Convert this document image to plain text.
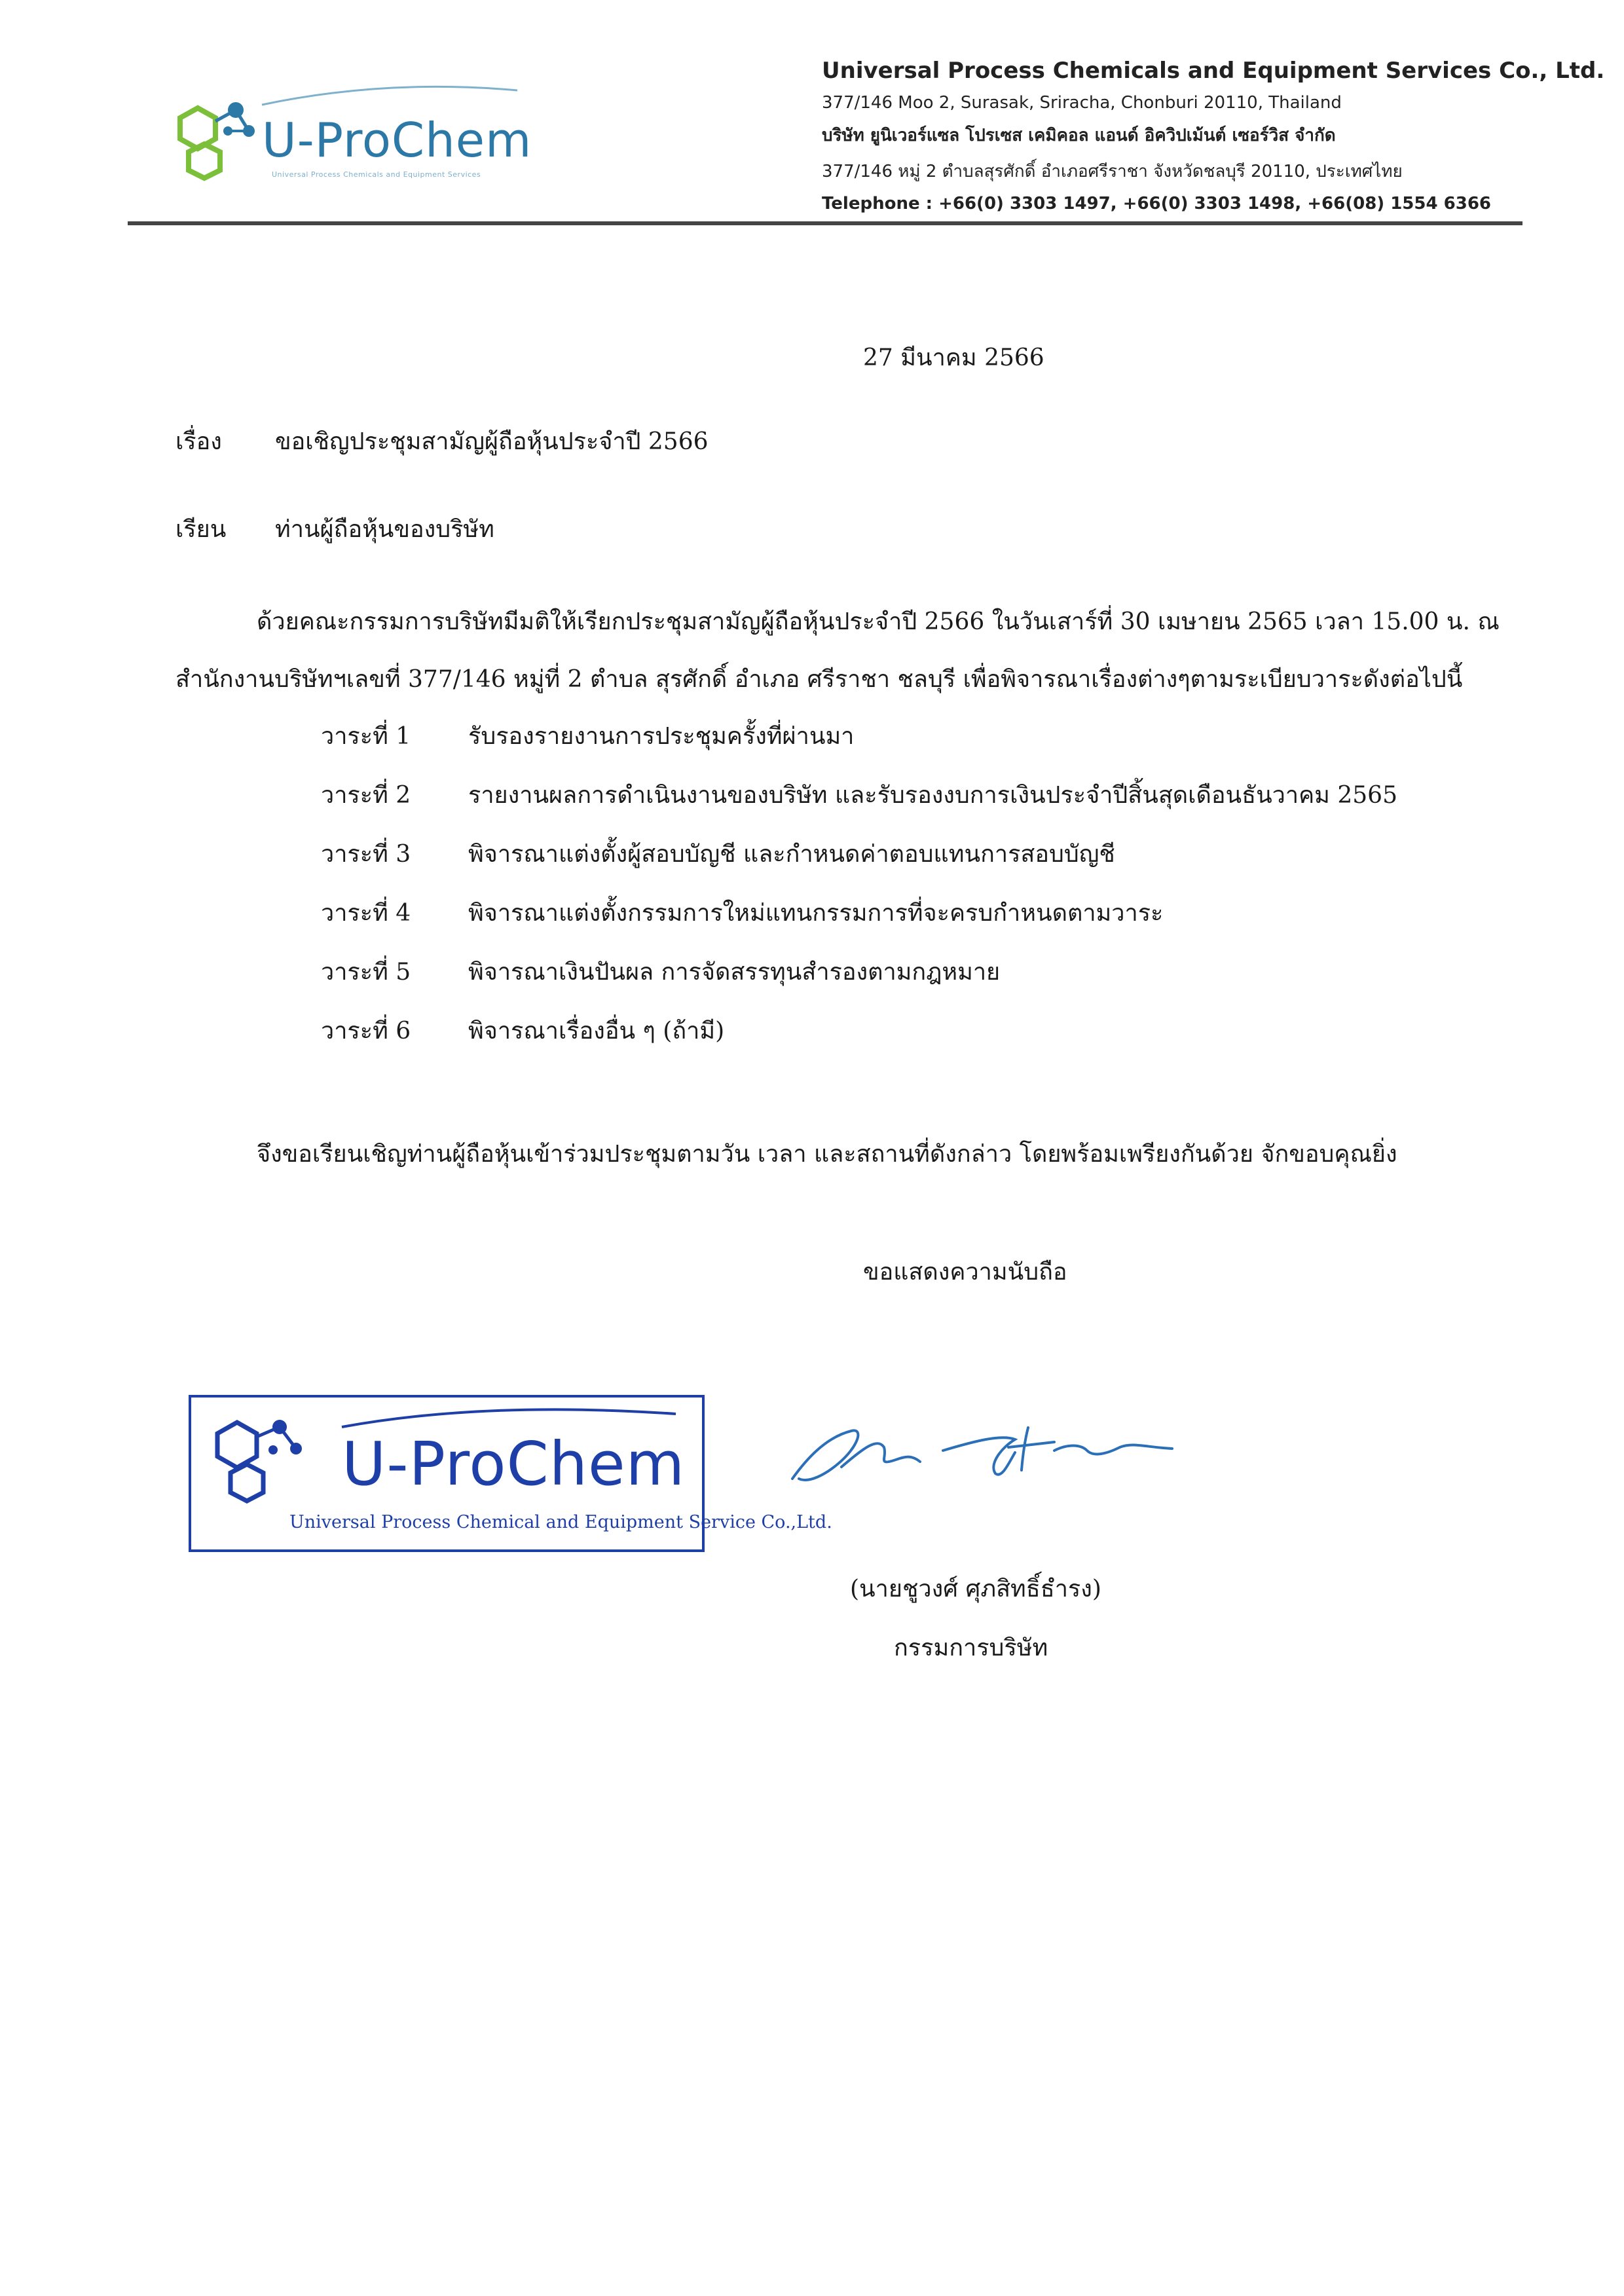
U-ProChem
Universal Process Chemicals and Equipment Services
Universal Process Chemicals and Equipment Services Co., Ltd.
377/146 Moo 2, Surasak, Sriracha, Chonburi 20110, Thailand
บริษัท ยูนิเวอร์แซล โปรเซส เคมิคอล แอนด์ อิควิปเม้นต์ เซอร์วิส จำกัด
377/146 หมู่ 2 ตำบลสุรศักดิ์ อำเภอศรีราชา จังหวัดชลบุรี 20110, ประเทศไทย
Telephone : +66(0) 3303 1497, +66(0) 3303 1498, +66(08) 1554 6366
27 มีนาคม 2566
เรื่อง ขอเชิญประชุมสามัญผู้ถือหุ้นประจำปี 2566
เรียน ท่านผู้ถือหุ้นของบริษัท
ด้วยคณะกรรมการบริษัทมีมติให้เรียกประชุมสามัญผู้ถือหุ้นประจำปี 2566 ในวันเสาร์ที่ 30 เมษายน 2565 เวลา 15.00 น. ณ
สำนักงานบริษัทฯเลขที่ 377/146 หมู่ที่ 2 ตำบล สุรศักดิ์ อำเภอ ศรีราชา ชลบุรี เพื่อพิจารณาเรื่องต่างๆตามระเบียบวาระดังต่อไปนี้
วาระที่ 1 รับรองรายงานการประชุมครั้งที่ผ่านมา
วาระที่ 2 รายงานผลการดำเนินงานของบริษัท และรับรองงบการเงินประจำปีสิ้นสุดเดือนธันวาคม 2565
วาระที่ 3 พิจารณาแต่งตั้งผู้สอบบัญชี และกำหนดค่าตอบแทนการสอบบัญชี
วาระที่ 4 พิจารณาแต่งตั้งกรรมการใหม่แทนกรรมการที่จะครบกำหนดตามวาระ
วาระที่ 5 พิจารณาเงินปันผล การจัดสรรทุนสำรองตามกฎหมาย
วาระที่ 6 พิจารณาเรื่องอื่น ๆ (ถ้ามี)
จึงขอเรียนเชิญท่านผู้ถือหุ้นเข้าร่วมประชุมตามวัน เวลา และสถานที่ดังกล่าว โดยพร้อมเพรียงกันด้วย จักขอบคุณยิ่ง
ขอแสดงความนับถือ
U-ProChem
Universal Process Chemical and Equipment Service Co.,Ltd.
(นายชูวงศ์ ศุภสิทธิ์ธำรง)
กรรมการบริษัท
